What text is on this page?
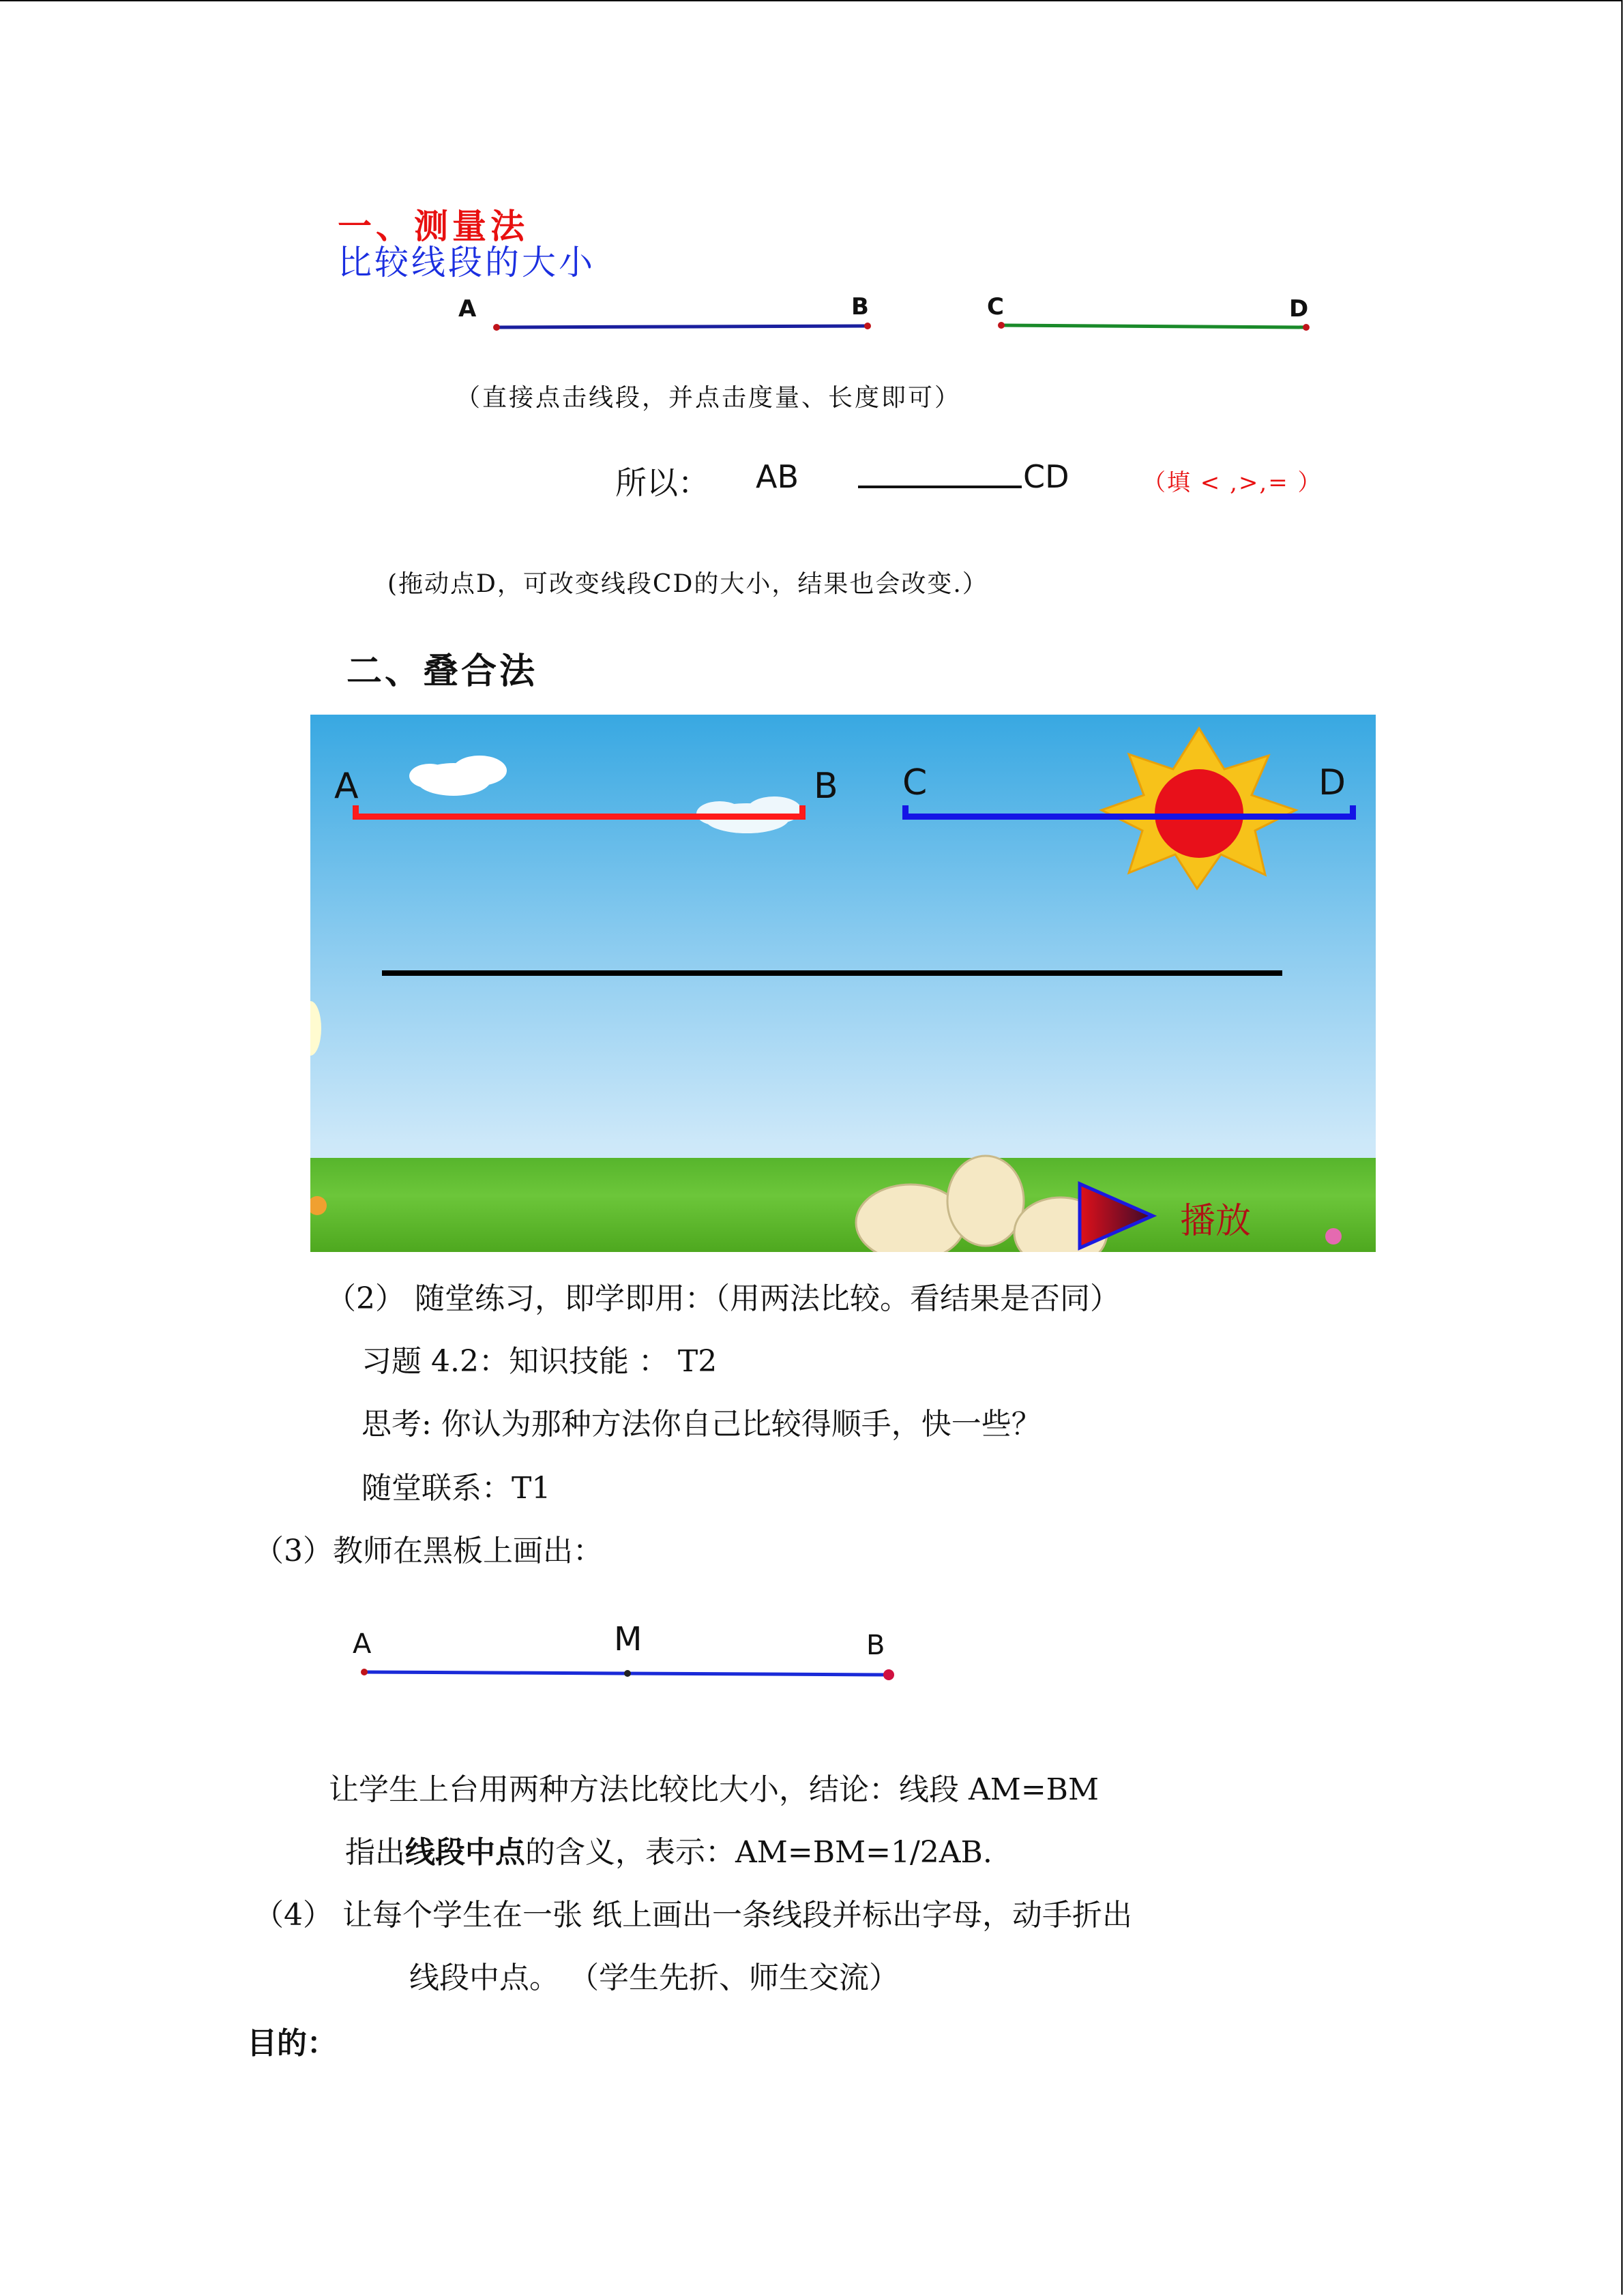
一、测量法
比较线段的大小
A	B	C	D
（直接点击线段，并点击度量、长度即可）
所以： AB	CD	（填 < ,>,= ）
(拖动点D，可改变线段CD的大小，结果也会改变.）
二、叠合法
A	B C	D
播放
（2） 随堂练习，即学即用：（用两法比较。看结果是否同）
习题 4.2：知识技能 ： T2
思考: 你认为那种方法你自己比较得顺手，快一些？
随堂联系：T1
（3）教师在黑板上画出：
A	M	B
让学生上台用两种方法比较比大小，结论：线段 AM=BM
指出线段中点的含义，表示：AM=BM=1/2AB.
（4） 让每个学生在一张 纸上画出一条线段并标出字母，动手折出
线段中点。 （学生先折、师生交流）
目的：
